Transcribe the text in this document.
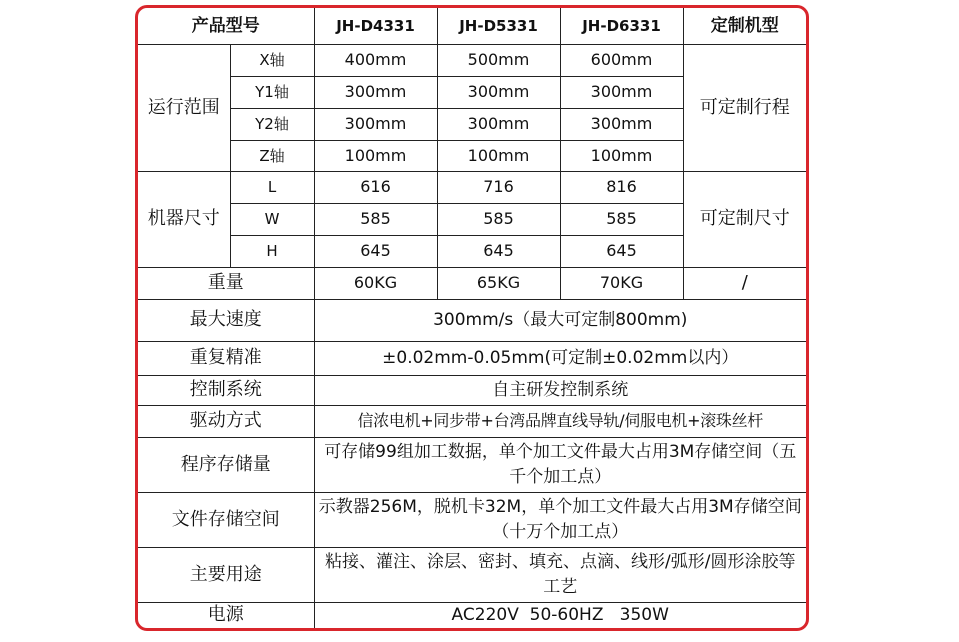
产品型号		JH-D4331	JH-D5331	JH-D6331	定制机型
运行范围	X轴	400mm	500mm	600mm	可定制行程
	Y1轴	300mm	300mm	300mm	
	Y2轴	300mm	300mm	300mm	
	Z轴	100mm	100mm	100mm	
机器尺寸	L	616	716	816	可定制尺寸
	W	585	585	585	
	H	645	645	645	
重量		60KG	65KG	70KG	/
最大速度		300mm/s（最大可定制800mm)			
重复精准		±0.02mm-0.05mm(可定制±0.02mm以内）			
控制系统		自主研发控制系统			
驱动方式		信浓电机+同步带+台湾品牌直线导轨/伺服电机+滚珠丝杆			
程序存储量		可存储99组加工数据，单个加工文件最大占用3M存储空间（五千个加工点）			
文件存储空间		示教器256M，脱机卡32M，单个加工文件最大占用3M存储空间（十万个加工点）			
主要用途		粘接、灌注、涂层、密封、填充、点滴、线形/弧形/圆形涂胶等工艺			
电源		AC220V  50-60HZ   350W			
